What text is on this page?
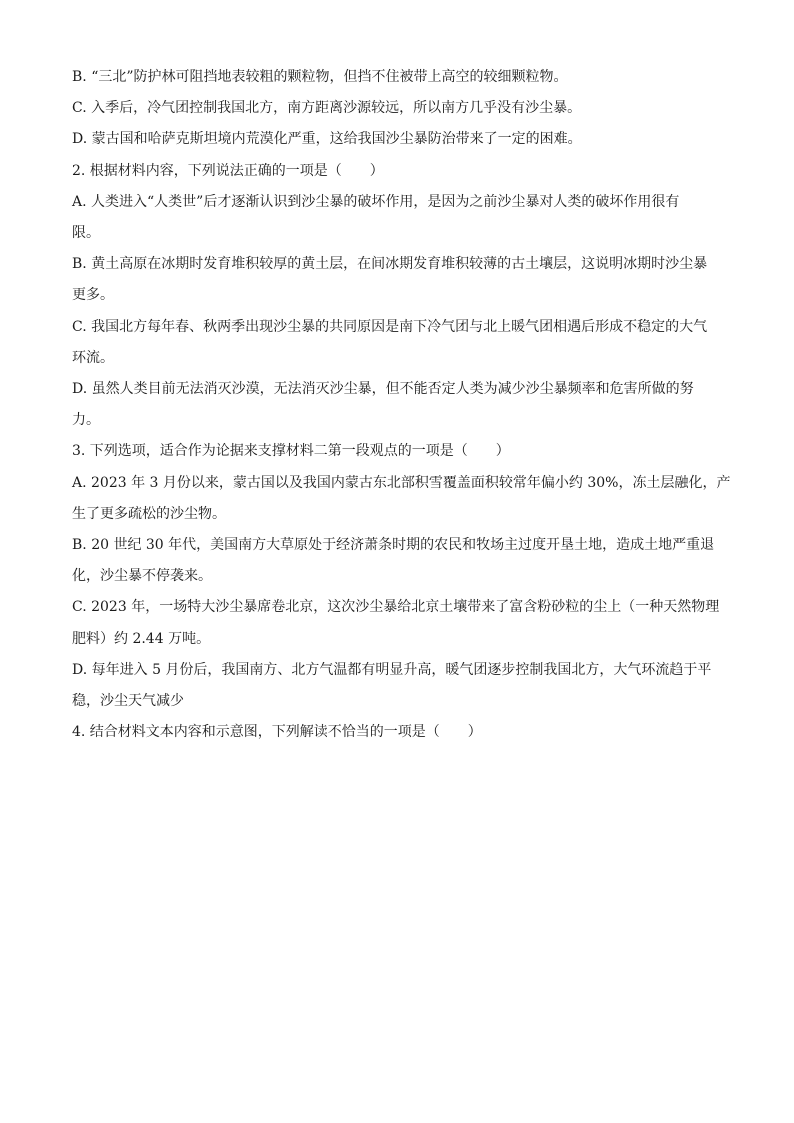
B. “三北”防护林可阻挡地表较粗的颗粒物，但挡不住被带上高空的较细颗粒物。

C. 入季后，冷气团控制我国北方，南方距离沙源较远，所以南方几乎没有沙尘暴。

D. 蒙古国和哈萨克斯坦境内荒漠化严重，这给我国沙尘暴防治带来了一定的困难。

2. 根据材料内容，下列说法正确的一项是（　　）

A. 人类进入“人类世”后才逐渐认识到沙尘暴的破坏作用，是因为之前沙尘暴对人类的破坏作用很有

限。

B. 黄土高原在冰期时发育堆积较厚的黄土层，在间冰期发育堆积较薄的古土壤层，这说明冰期时沙尘暴

更多。

C. 我国北方每年春、秋两季出现沙尘暴的共同原因是南下冷气团与北上暖气团相遇后形成不稳定的大气

环流。

D. 虽然人类目前无法消灭沙漠，无法消灭沙尘暴，但不能否定人类为减少沙尘暴频率和危害所做的努

力。

3. 下列选项，适合作为论据来支撑材料二第一段观点的一项是（　　）

A. 2023 年 3 月份以来，蒙古国以及我国内蒙古东北部积雪覆盖面积较常年偏小约 30%，冻土层融化，产

生了更多疏松的沙尘物。

B. 20 世纪 30 年代，美国南方大草原处于经济萧条时期的农民和牧场主过度开垦土地，造成土地严重退

化，沙尘暴不停袭来。

C. 2023 年，一场特大沙尘暴席卷北京，这次沙尘暴给北京土壤带来了富含粉砂粒的尘上（一种天然物理

肥料）约 2.44 万吨。

D. 每年进入 5 月份后，我国南方、北方气温都有明显升高，暖气团逐步控制我国北方，大气环流趋于平

稳，沙尘天气减少

4. 结合材料文本内容和示意图，下列解读不恰当的一项是（　　）
